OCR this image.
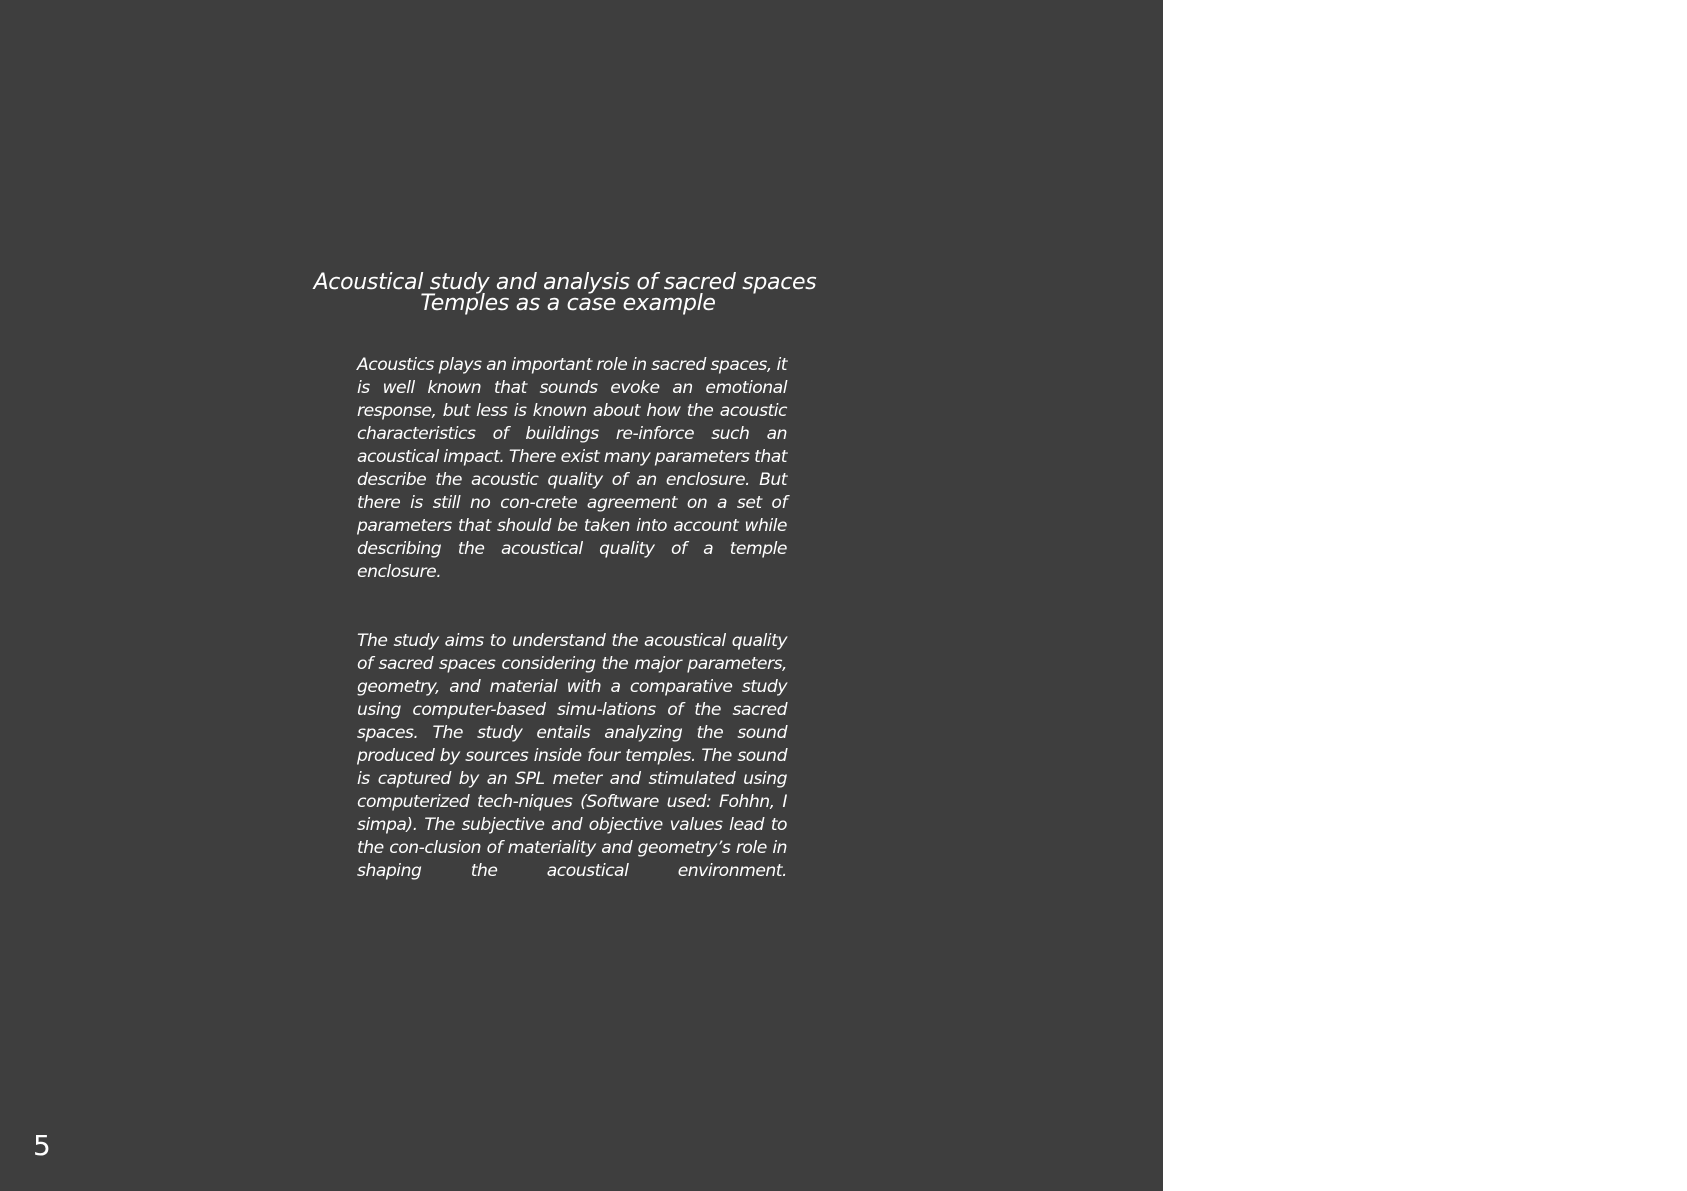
Acoustical study and analysis of sacred spaces
Temples as a case example

Acoustics plays an important role in sacred spaces, it is well known that sounds evoke an emotional response, but less is known about how the acoustic characteristics of buildings re-inforce such an acoustical impact. There exist many parameters that describe the acoustic quality of an enclosure. But there is still no con-crete agreement on a set of parameters that should be taken into account while describing the acoustical quality of a temple enclosure.

The study aims to understand the acoustical quality of sacred spaces considering the major parameters, geometry, and material with a comparative study using computer-based simu-lations of the sacred spaces. The study entails analyzing the sound produced by sources inside four temples. The sound is captured by an SPL meter and stimulated using computerized tech-niques (Software used: Fohhn, I simpa). The subjective and objective values lead to the con-clusion of materiality and geometry’s role in shaping the acoustical environment.

5
